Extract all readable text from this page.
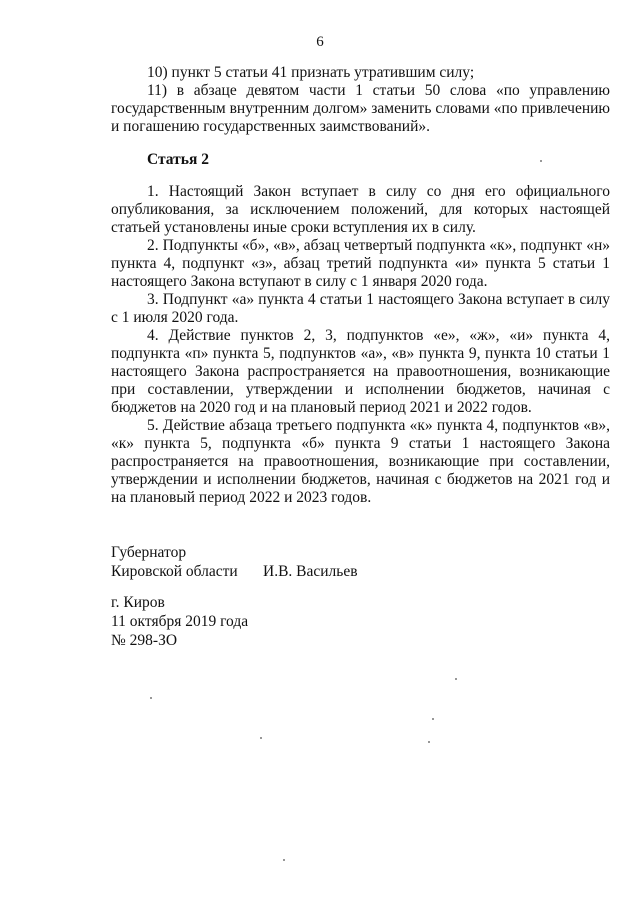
6

10) пункт 5 статьи 41 признать утратившим силу;

11) в абзаце девятом части 1 статьи 50 слова «по управлению государственным внутренним долгом» заменить словами «по привлечению и погашению государственных заимствований».

Статья 2

1. Настоящий Закон вступает в силу со дня его официального опубликования, за исключением положений, для которых настоящей статьей установлены иные сроки вступления их в силу.

2. Подпункты «б», «в», абзац четвертый подпункта «к», подпункт «н» пункта 4, подпункт «з», абзац третий подпункта «и» пункта 5 статьи 1 настоящего Закона вступают в силу с 1 января 2020 года.

3. Подпункт «а» пункта 4 статьи 1 настоящего Закона вступает в силу с 1 июля 2020 года.

4. Действие пунктов 2, 3, подпунктов «е», «ж», «и» пункта 4, подпункта «п» пункта 5, подпунктов «а», «в» пункта 9, пункта 10 статьи 1 настоящего Закона распространяется на правоотношения, возникающие при составлении, утверждении и исполнении бюджетов, начиная с бюджетов на 2020 год и на плановый период 2021 и 2022 годов.

5. Действие абзаца третьего подпункта «к» пункта 4, подпунктов «в», «к» пункта 5, подпункта «б» пункта 9 статьи 1 настоящего Закона распространяется на правоотношения, возникающие при составлении, утверждении и исполнении бюджетов, начиная с бюджетов на 2021 год и на плановый период 2022 и 2023 годов.

Губернатор
Кировской области И.В. Васильев
г. Киров
11 октября 2019 года
№ 298-ЗО
